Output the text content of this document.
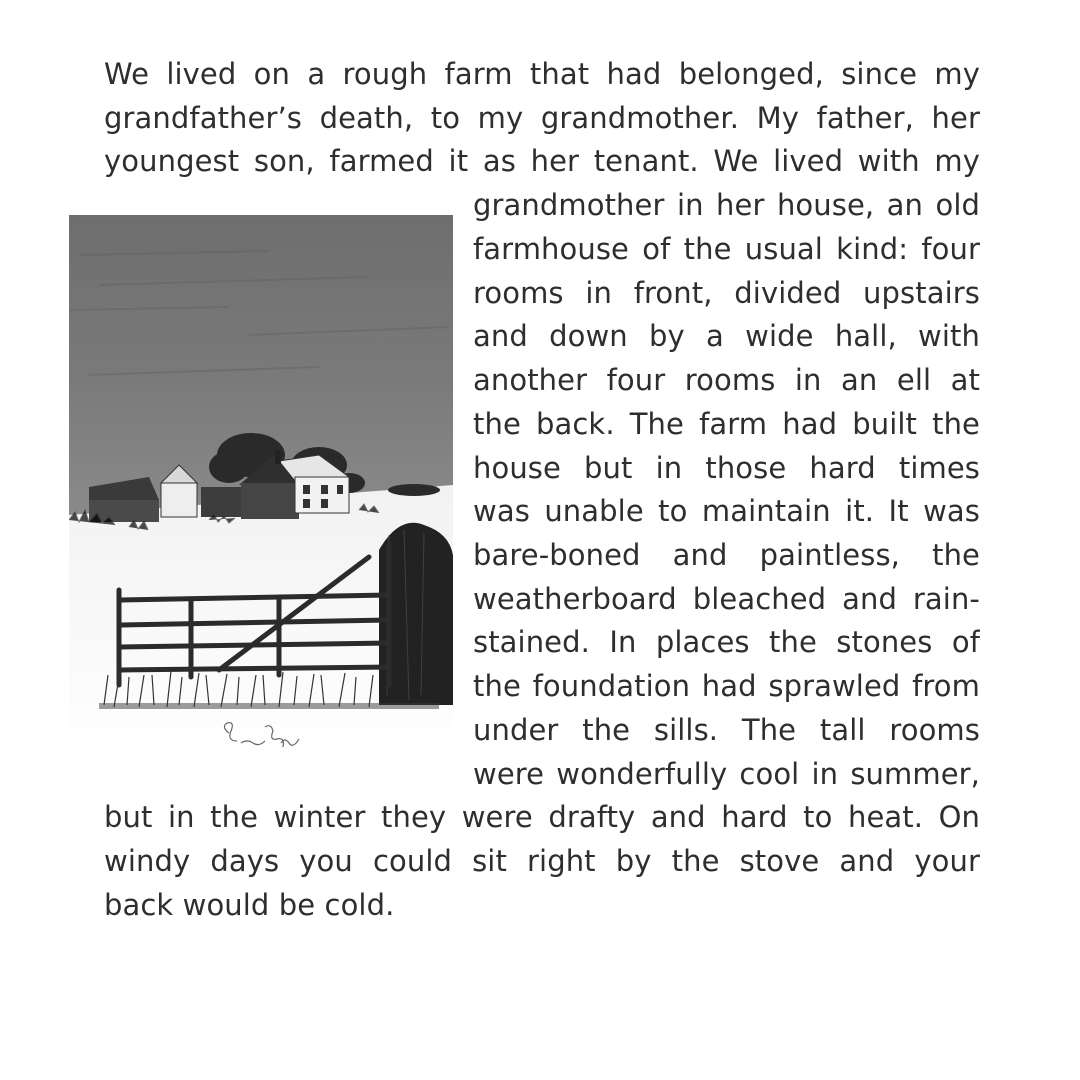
We lived on a rough farm that had belonged, since my
grandfather’s death, to my grandmother. My father, her
youngest son, farmed it as her tenant. We lived with my
grandmother in her house, an old
farmhouse of the usual kind: four
rooms in front, divided upstairs
and down by a wide hall, with
another four rooms in an ell at
the back. The farm had built the
house but in those hard times
was unable to maintain it. It was
bare-boned and paintless, the
weatherboard bleached and rain-
stained. In places the stones of
the foundation had sprawled from
under the sills. The tall rooms
were wonderfully cool in summer,
but in the winter they were drafty and hard to heat. On
windy days you could sit right by the stove and your
back would be cold.
